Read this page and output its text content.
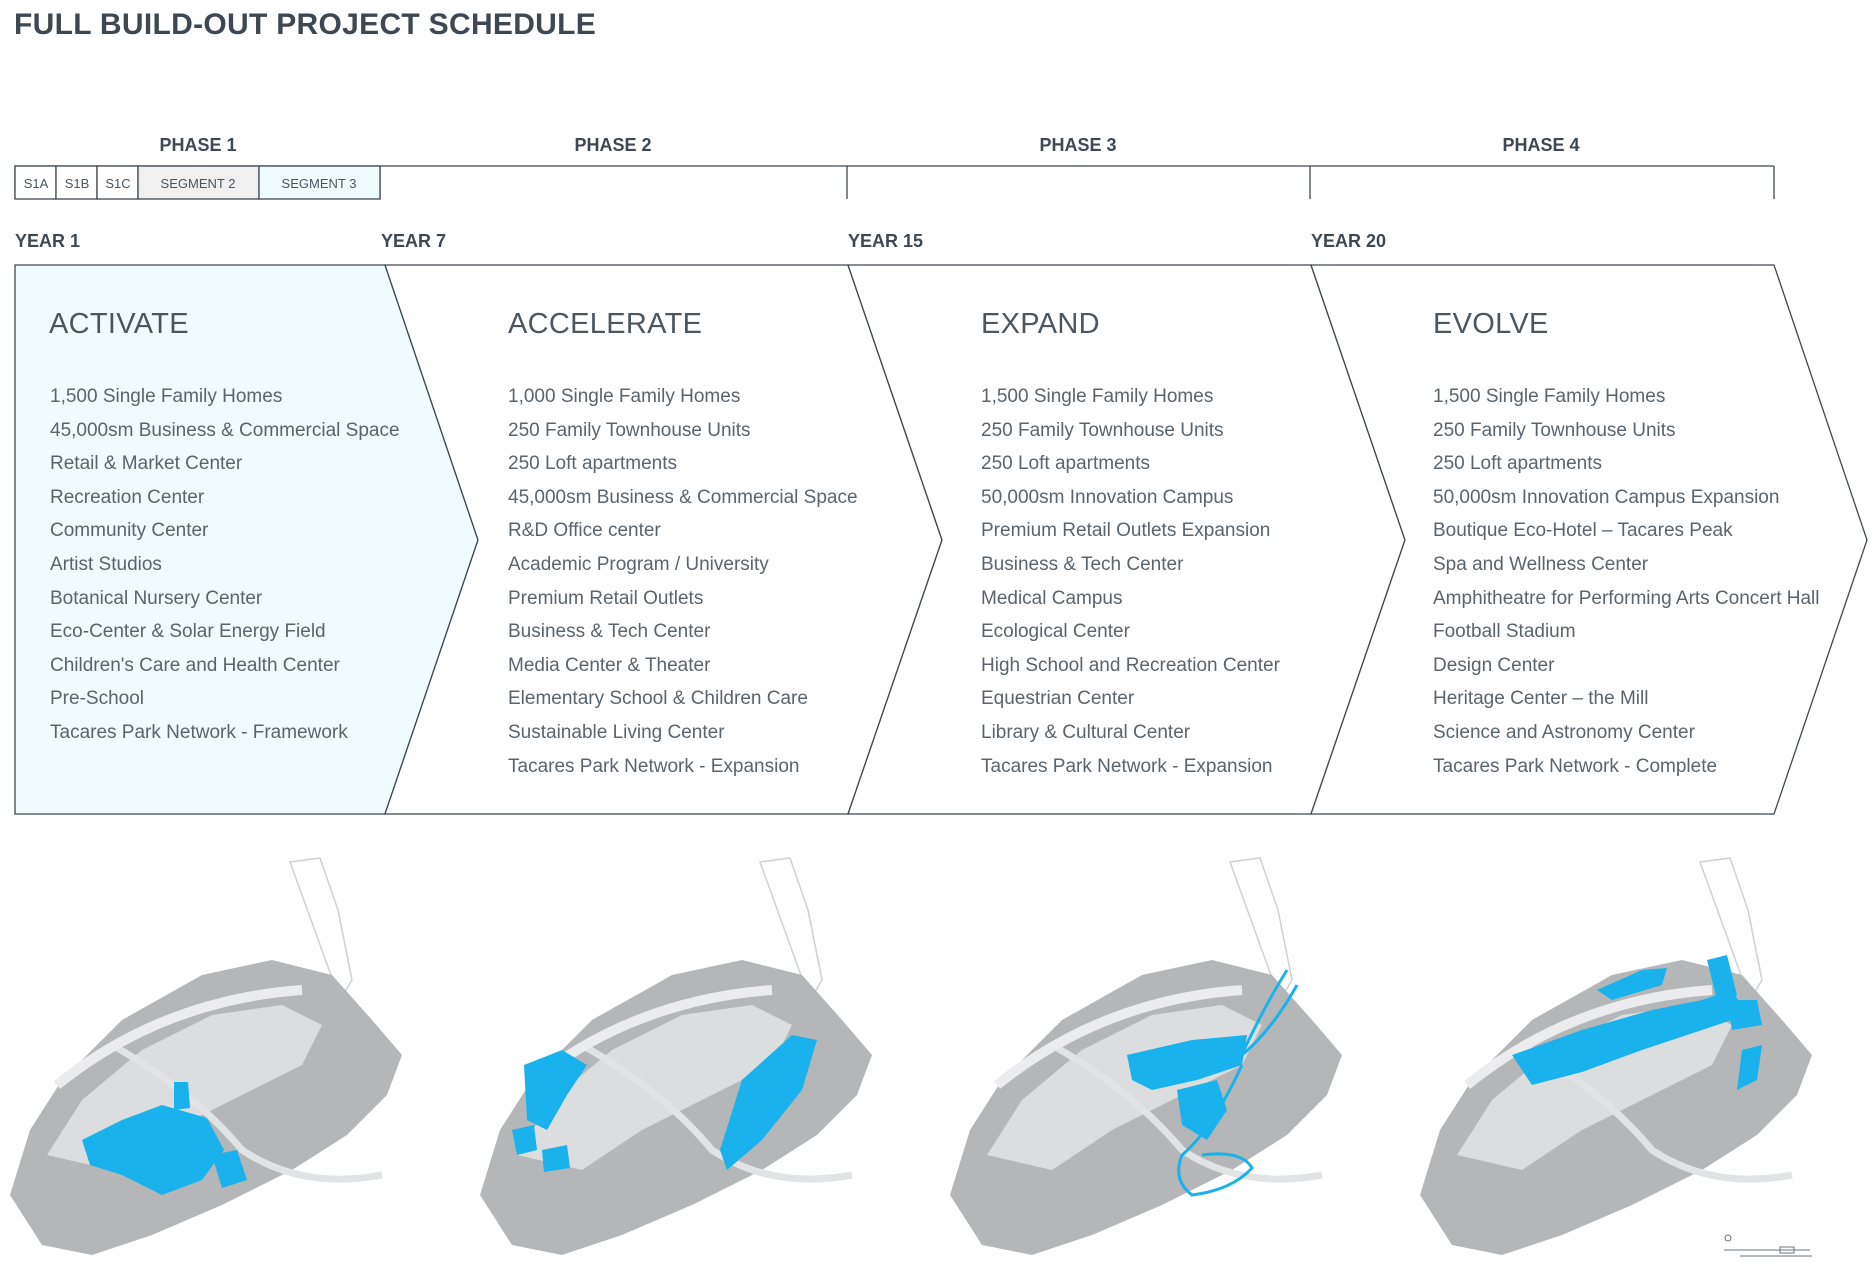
FULL BUILD-OUT PROJECT SCHEDULE
PHASE 1	PHASE 2	PHASE 3	PHASE 4
S1A S1B S1C SEGMENT 2	SEGMENT 3
YEAR 1	YEAR 7	YEAR 15	YEAR 20
ACTIVATE	ACCELERATE	EXPAND	EVOLVE
1,500 Single Family Homes
45,000sm Business & Commercial Space
Retail & Market Center
Recreation Center
Community Center
Artist Studios
Botanical Nursery Center
Eco-Center & Solar Energy Field
Children's Care and Health Center
Pre-School
Tacares Park Network - Framework
1,000 Single Family Homes
250 Family Townhouse Units
250 Loft apartments
45,000sm Business & Commercial Space
R&D Office center
Academic Program / University
Premium Retail Outlets
Business & Tech Center
Media Center & Theater
Elementary School & Children Care
Sustainable Living Center
Tacares Park Network - Expansion
1,500 Single Family Homes
250 Family Townhouse Units
250 Loft apartments
50,000sm Innovation Campus
Premium Retail Outlets Expansion
Business & Tech Center
Medical Campus
Ecological Center
High School and Recreation Center
Equestrian Center
Library & Cultural Center
Tacares Park Network - Expansion
1,500 Single Family Homes
250 Family Townhouse Units
250 Loft apartments
50,000sm Innovation Campus Expansion
Boutique Eco-Hotel – Tacares Peak
Spa and Wellness Center
Amphitheatre for Performing Arts Concert Hall
Football Stadium
Design Center
Heritage Center – the Mill
Science and Astronomy Center
Tacares Park Network - Complete
